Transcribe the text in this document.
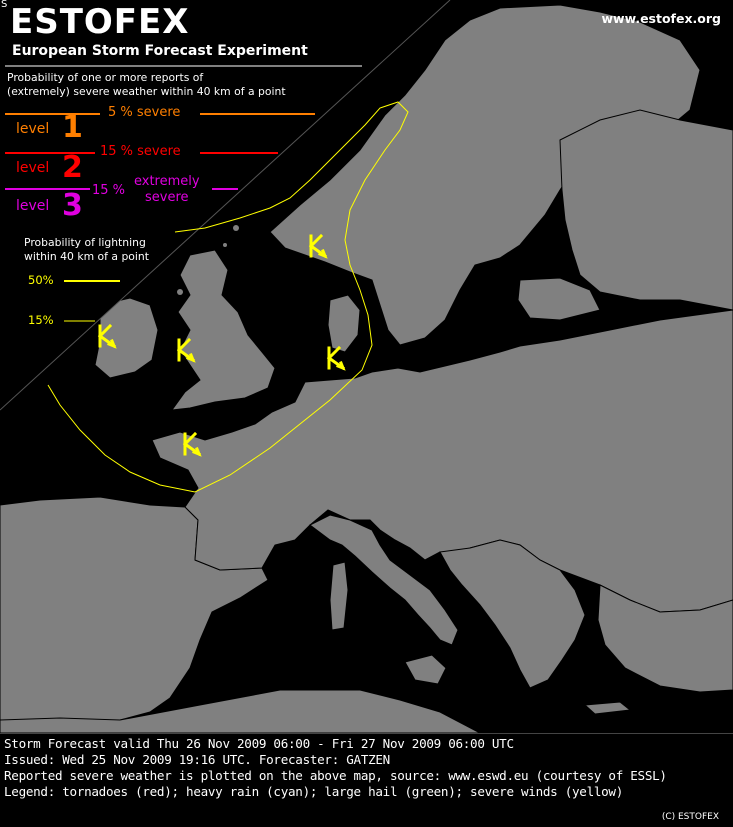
S ESTOFEX
European Storm Forecast Experiment
www.estofex.org
Probability of one or more reports of
(extremely) severe weather within 40 km of a point
level 1 5 % severe
level 2 15 % severe
level 3 15 %
extremely
severe
Probability of lightning
within 40 km of a point
50%
15%
Storm Forecast valid Thu 26 Nov 2009 06:00 - Fri 27 Nov 2009 06:00 UTC
Issued: Wed 25 Nov 2009 19:16 UTC. Forecaster: GATZEN
Reported severe weather is plotted on the above map, source: www.eswd.eu (courtesy of ESSL)
Legend: tornadoes (red); heavy rain (cyan); large hail (green); severe winds (yellow)
(C) ESTOFEX
